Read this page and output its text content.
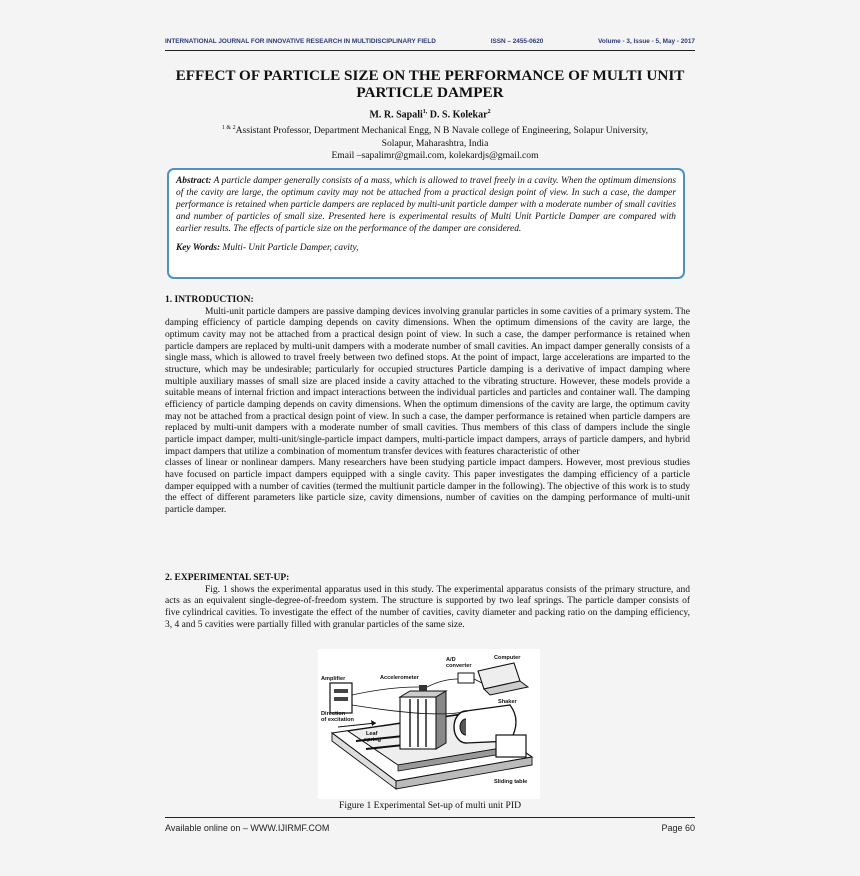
INTERNATIONAL JOURNAL FOR INNOVATIVE RESEARCH IN MULTIDISCIPLINARY FIELD	ISSN – 2455-0620	Volume - 3, Issue - 5, May - 2017
EFFECT OF PARTICLE SIZE ON THE PERFORMANCE OF MULTI UNIT PARTICLE DAMPER
M. R. Sapali$^{1,}$ D. S. Kolekar$^2$
$^{1 \& 2}$Assistant Professor, Department Mechanical Engg, N B Navale college of Engineering, Solapur University,
Solapur, Maharashtra, India
Email –sapalimr@gmail.com, kolekardjs@gmail.com
Abstract: A particle damper generally consists of a mass, which is allowed to travel freely in a cavity. When the optimum dimensions of the cavity are large, the optimum cavity may not be attached from a practical design point of view. In such a case, the damper performance is retained when particle dampers are replaced by multi-unit particle damper with a moderate number of small cavities and number of particles of small size. Presented here is experimental results of Multi Unit Particle Damper are compared with earlier results. The effects of particle size on the performance of the damper are considered.
Key Words: Multi- Unit Particle Damper, cavity,
1. INTRODUCTION:
Multi-unit particle dampers are passive damping devices involving granular particles in some cavities of a primary system. The damping efficiency of particle damping depends on cavity dimensions. When the optimum dimensions of the cavity are large, the optimum cavity may not be attached from a practical design point of view. In such a case, the damper performance is retained when particle dampers are replaced by multi-unit dampers with a moderate number of small cavities. An impact damper generally consists of a single mass, which is allowed to travel freely between two defined stops. At the point of impact, large accelerations are imparted to the structure, which may be undesirable; particularly for occupied structures Particle damping is a derivative of impact damping where multiple auxiliary masses of small size are placed inside a cavity attached to the vibrating structure. However, these models provide a suitable means of internal friction and impact interactions between the individual particles and particles and container wall. The damping efficiency of particle damping depends on cavity dimensions. When the optimum dimensions of the cavity are large, the optimum cavity may not be attached from a practical design point of view. In such a case, the damper performance is retained when particle dampers are replaced by multi-unit dampers with a moderate number of small cavities. Thus members of this class of dampers include the single particle impact damper, multi-unit/single-particle impact dampers, multi-particle impact dampers, arrays of particle dampers, and hybrid impact dampers that utilize a combination of momentum transfer devices with features characteristic of other
classes of linear or nonlinear dampers. Many researchers have been studying particle impact dampers. However, most previous studies have focused on particle impact dampers equipped with a single cavity. This paper investigates the damping efficiency of a particle damper equipped with a number of cavities (termed the multiunit particle damper in the following). The objective of this work is to study the effect of different parameters like particle size, cavity dimensions, number of cavities on the damping performance of multi-unit particle damper.
2. EXPERIMENTAL SET-UP:
Fig. 1 shows the experimental apparatus used in this study. The experimental apparatus consists of the primary structure, and acts as an equivalent single-degree-of-freedom system. The structure is supported by two leaf springs. The particle damper consists of five cylindrical cavities. To investigate the effect of the number of cavities, cavity diameter and packing ratio on the damping efficiency, 3, 4 and 5 cavities were partially filled with granular particles of the same size.
Computer
A/D
converter
Amplifier	Accelerometer
Direction
of excitation
Shaker
Leaf
spring
Sliding table
Figure 1 Experimental Set-up of multi unit PID
Available online on – WWW.IJIRMF.COM	Page 60
